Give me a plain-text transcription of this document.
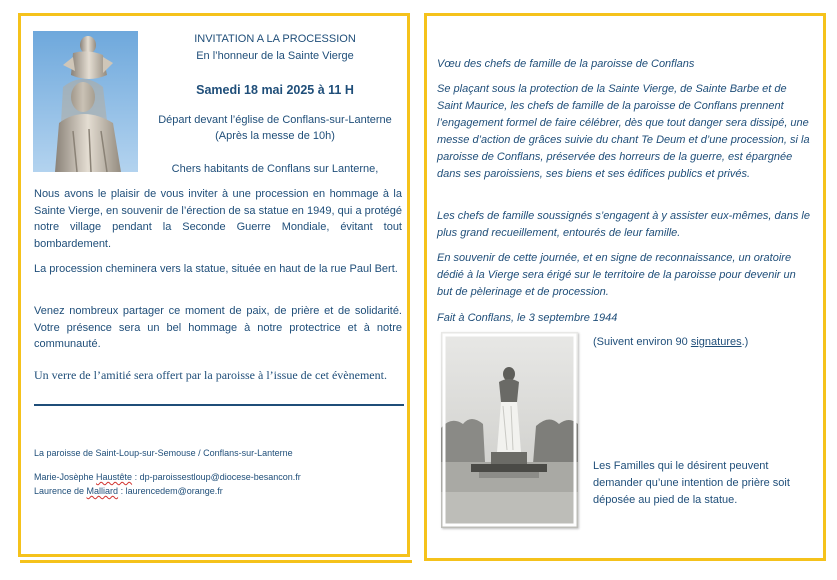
INVITATION A LA PROCESSION
En l’honneur de la Sainte Vierge
Samedi 18 mai 2025 à 11 H
Départ devant l’église de Conflans-sur-Lanterne
(Après la messe de 10h)
Chers habitants de Conflans sur Lanterne,
Nous avons le plaisir de vous inviter à une procession en hommage à la Sainte Vierge, en souvenir de l’érection de sa statue en 1949, qui a protégé notre village pendant la Seconde Guerre Mondiale, évitant tout bombardement.
La procession cheminera vers la statue, située en haut de la rue Paul Bert.
Venez nombreux partager ce moment de paix, de prière et de solidarité. Votre présence sera un bel hommage à notre protectrice et à notre communauté.
Un verre de l’amitié sera offert par la paroisse à l’issue de cet évènement.
La paroisse de Saint-Loup-sur-Semouse / Conflans-sur-Lanterne
Marie-Josèphe Haustête : dp-paroissestloup@diocese-besancon.fr
Laurence de Malliard : laurencedem@orange.fr
Vœu des chefs de famille de la paroisse de Conflans
Se plaçant sous la protection de la Sainte Vierge, de Sainte Barbe et de Saint Maurice, les chefs de famille de la paroisse de Conflans prennent l’engagement formel de faire célébrer, dès que tout danger sera dissipé, une messe d’action de grâces suivie du chant Te Deum et d’une procession, si la paroisse de Conflans, préservée des horreurs de la guerre, est épargnée dans ses paroissiens, ses biens et ses édifices publics et privés.
Les chefs de famille soussignés s’engagent à y assister eux-mêmes, dans le plus grand recueillement, entourés de leur famille.
En souvenir de cette journée, et en signe de reconnaissance, un oratoire dédié à la Vierge sera érigé sur le territoire de la paroisse pour devenir un but de pèlerinage et de procession.
Fait à Conflans, le 3 septembre 1944
(Suivent environ 90 signatures.)
Les Familles qui le désirent peuvent demander qu’une intention de prière soit déposée au pied de la statue.
